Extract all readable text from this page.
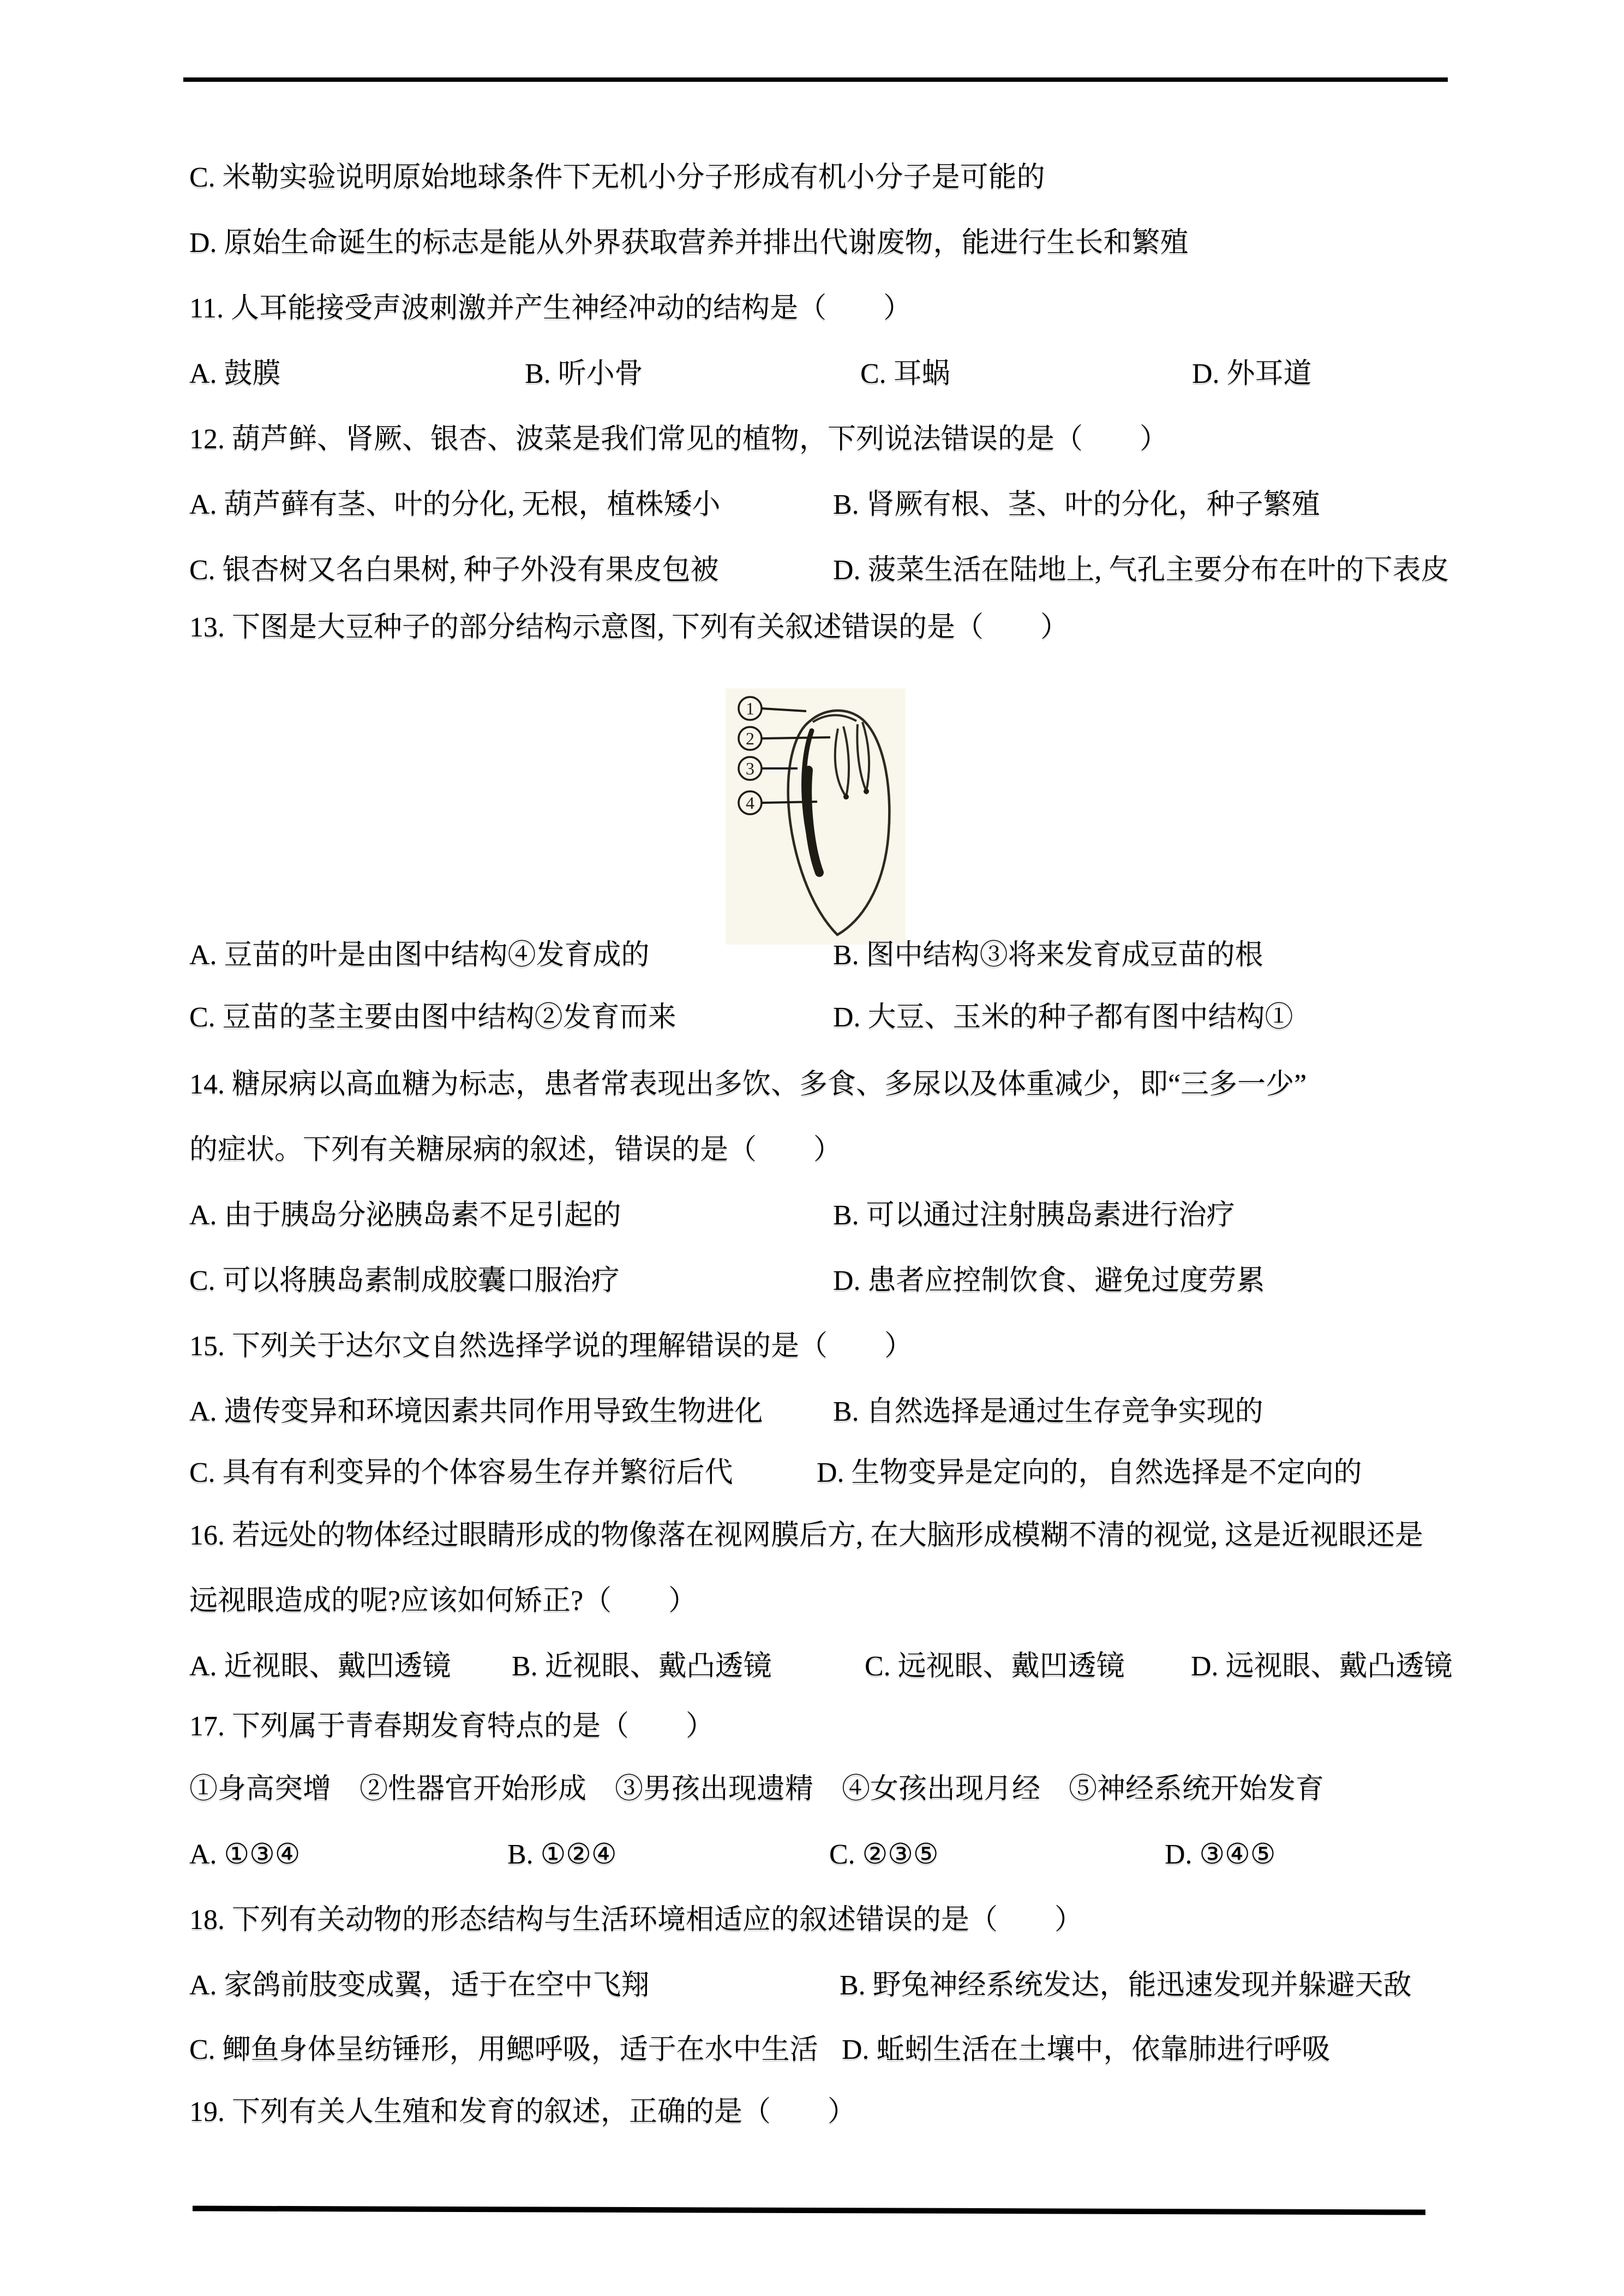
C. 米勒实验说明原始地球条件下无机小分子形成有机小分子是可能的
D. 原始生命诞生的标志是能从外界获取营养并排出代谢废物，能进行生长和繁殖
11. 人耳能接受声波刺激并产生神经冲动的结构是（　　）
A. 鼓膜	B. 听小骨	C. 耳蜗	D. 外耳道
12. 葫芦鲜、肾厥、银杏、波菜是我们常见的植物，下列说法错误的是（　　）
A. 葫芦藓有茎、叶的分化, 无根，植株矮小	B. 肾厥有根、茎、叶的分化，种子繁殖
C. 银杏树又名白果树, 种子外没有果皮包被	D. 菠菜生活在陆地上, 气孔主要分布在叶的下表皮
13. 下图是大豆种子的部分结构示意图, 下列有关叙述错误的是（　　）
1
2
3
4
A. 豆苗的叶是由图中结构④发育成的	B. 图中结构③将来发育成豆苗的根
C. 豆苗的茎主要由图中结构②发育而来	D. 大豆、玉米的种子都有图中结构①
14. 糖尿病以高血糖为标志，患者常表现出多饮、多食、多尿以及体重减少，即“三多一少”
的症状。下列有关糖尿病的叙述，错误的是（　　）
A. 由于胰岛分泌胰岛素不足引起的	B. 可以通过注射胰岛素进行治疗
C. 可以将胰岛素制成胶囊口服治疗	D. 患者应控制饮食、避免过度劳累
15. 下列关于达尔文自然选择学说的理解错误的是（　　）
A. 遗传变异和环境因素共同作用导致生物进化 B. 自然选择是通过生存竞争实现的
C. 具有有利变异的个体容易生存并繁衍后代	D. 生物变异是定向的，自然选择是不定向的
16. 若远处的物体经过眼睛形成的物像落在视网膜后方, 在大脑形成模糊不清的视觉, 这是近视眼还是
远视眼造成的呢?应该如何矫正?（　　）
A. 近视眼、戴凹透镜 B. 近视眼、戴凸透镜	C. 远视眼、戴凹透镜 D. 远视眼、戴凸透镜
17. 下列属于青春期发育特点的是（　　）
①身高突增　②性器官开始形成　③男孩出现遗精　④女孩出现月经　⑤神经系统开始发育
A. ①③④	B. ①②④	C. ②③⑤	D. ③④⑤
18. 下列有关动物的形态结构与生活环境相适应的叙述错误的是（　　）
A. 家鸽前肢变成翼，适于在空中飞翔	B. 野兔神经系统发达，能迅速发现并躲避天敌
C. 鲫鱼身体呈纺锤形，用鳃呼吸，适于在水中生活 D. 蚯蚓生活在土壤中，依靠肺进行呼吸
19. 下列有关人生殖和发育的叙述，正确的是（　　）
